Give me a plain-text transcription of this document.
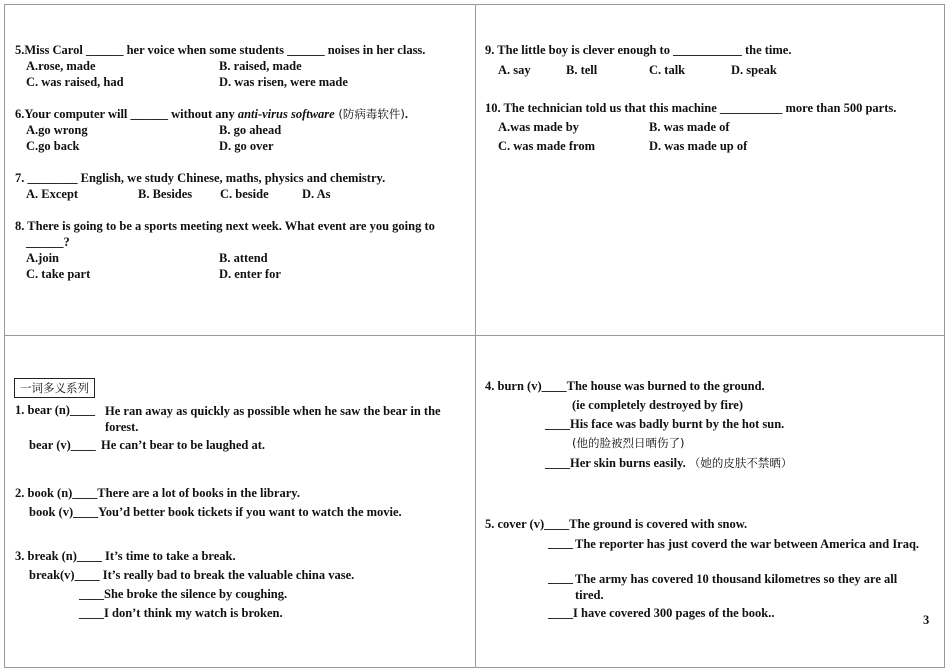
5.Miss Carol ______ her voice when some students ______ noises in her class.
A.rose, made	B. raised, made
C. was raised, had	D. was risen, were made
6.Your computer will ______ without any anti-virus software (防病毒软件).
A.go wrong	B. go ahead
C.go back	D. go over
7. ________ English, we study Chinese, maths, physics and chemistry.
A. Except	B. Besides C. beside	D. As
8. There is going to be a sports meeting next week. What event are you going to
______?
A.join	B. attend
C. take part	D. enter for
9. The little boy is clever enough to ___________ the time.
A. say	B. tell	C. talk	D. speak
10. The technician told us that this machine __________ more than 500 parts.
A.was made by	B. was made of
C. was made from	D. was made up of
一词多义系列
1. bear (n)____ He ran away as quickly as possible when he saw the bear in the forest.
bear (v)____ He can’t bear to be laughed at.
2. book (n)____There are a lot of books in the library.
book (v)____You’d better book tickets if you want to watch the movie.
3. break (n)____ It’s time to take a break.
break(v)____ It’s really bad to break the valuable china vase.
____She broke the silence by coughing.
____I don’t think my watch is broken.
4. burn (v)____The house was burned to the ground.
(ie completely destroyed by fire)
____His face was badly burnt by the hot sun.
(他的脸被烈日晒伤了)
____Her skin burns easily. （她的皮肤不禁晒）
5. cover (v)____The ground is covered with snow.
____ The reporter has just coverd the war between America and Iraq.
____ The army has covered 10 thousand kilometres so they are all tired.
____I have covered 300 pages of the book..	3
